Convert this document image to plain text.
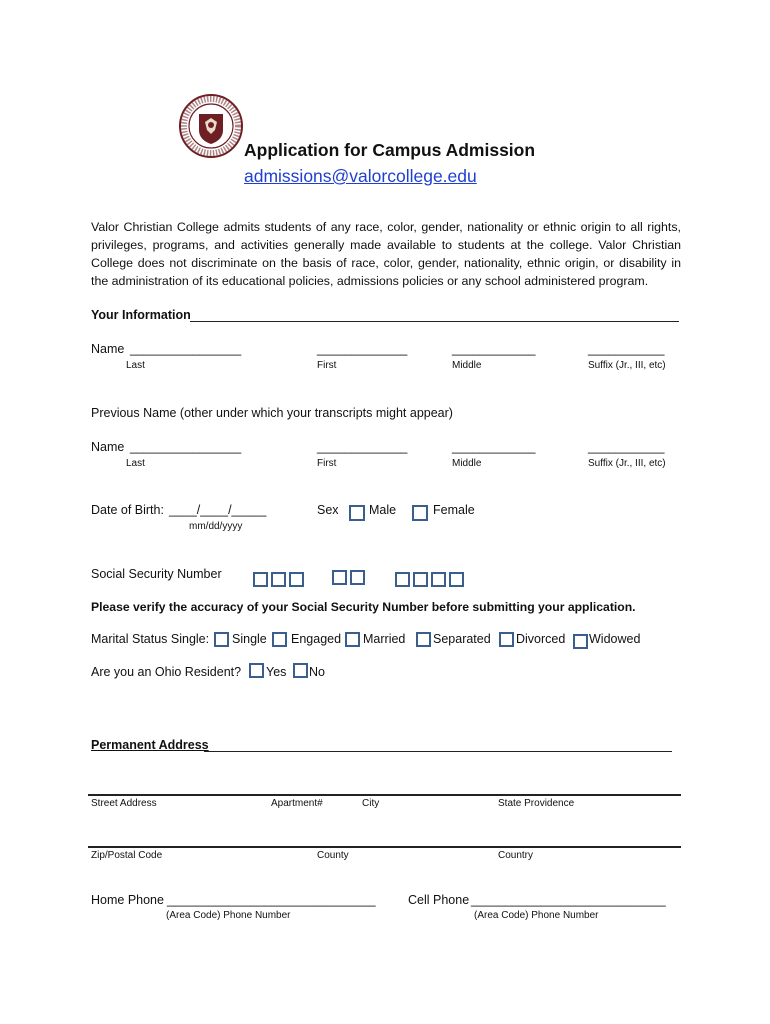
Application for Campus Admission
admissions@valorcollege.edu
Valor Christian College admits students of any race, color, gender, nationality or ethnic origin to all rights, privileges, programs, and activities generally made available to students at the college. Valor Christian College does not discriminate on the basis of race, color, gender, nationality, ethnic origin, or disability in the administration of its educational policies, admissions policies or any school administered program.
Your Information
Name ________________	_____________	____________	___________
Last	First	Middle	Suffix (Jr., III, etc)
Previous Name (other under which your transcripts might appear)
Name ________________	_____________	____________	___________
Last	First	Middle	Suffix (Jr., III, etc)
Date of Birth: ____/____/_____
mm/dd/yyyy
Sex Male	Female
Social Security Number
Please verify the accuracy of your Social Security Number before submitting your application.
Marital Status Single: Single Engaged Married Separated Divorced Widowed
Are you an Ohio Resident? Yes No
Permanent Address
Street Address	Apartment#	City	State Providence
Zip/Postal Code	County	Country
Home Phone ______________________________
(Area Code) Phone Number
Cell Phone ____________________________
(Area Code) Phone Number
